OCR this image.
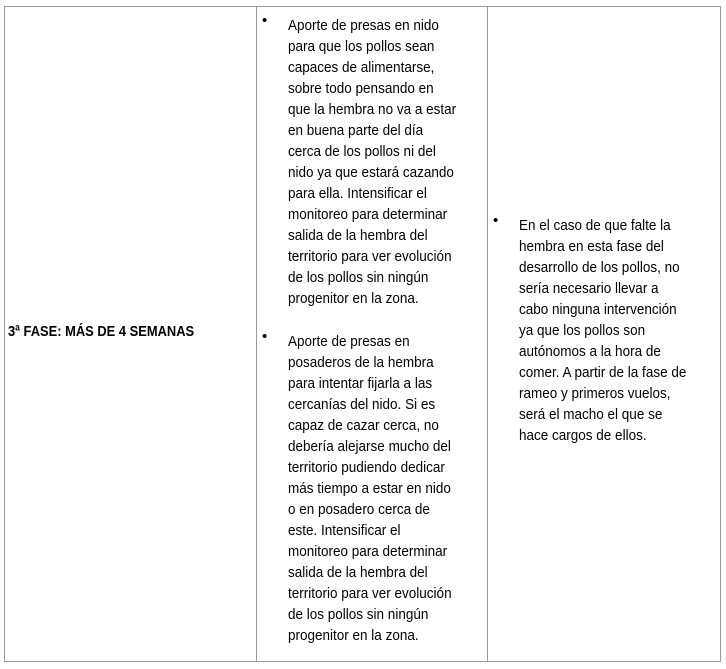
3ª FASE: MÁS DE 4 SEMANAS
• Aporte de presas en nido
para que los pollos sean
capaces de alimentarse,
sobre todo pensando en
que la hembra no va a estar
en buena parte del día
cerca de los pollos ni del
nido ya que estará cazando
para ella. Intensificar el
monitoreo para determinar
salida de la hembra del
territorio para ver evolución
de los pollos sin ningún
progenitor en la zona.
• Aporte de presas en
posaderos de la hembra
para intentar fijarla a las
cercanías del nido. Si es
capaz de cazar cerca, no
debería alejarse mucho del
territorio pudiendo dedicar
más tiempo a estar en nido
o en posadero cerca de
este. Intensificar el
monitoreo para determinar
salida de la hembra del
territorio para ver evolución
de los pollos sin ningún
progenitor en la zona.
• En el caso de que falte la
hembra en esta fase del
desarrollo de los pollos, no
sería necesario llevar a
cabo ninguna intervención
ya que los pollos son
autónomos a la hora de
comer. A partir de la fase de
rameo y primeros vuelos,
será el macho el que se
hace cargos de ellos.
